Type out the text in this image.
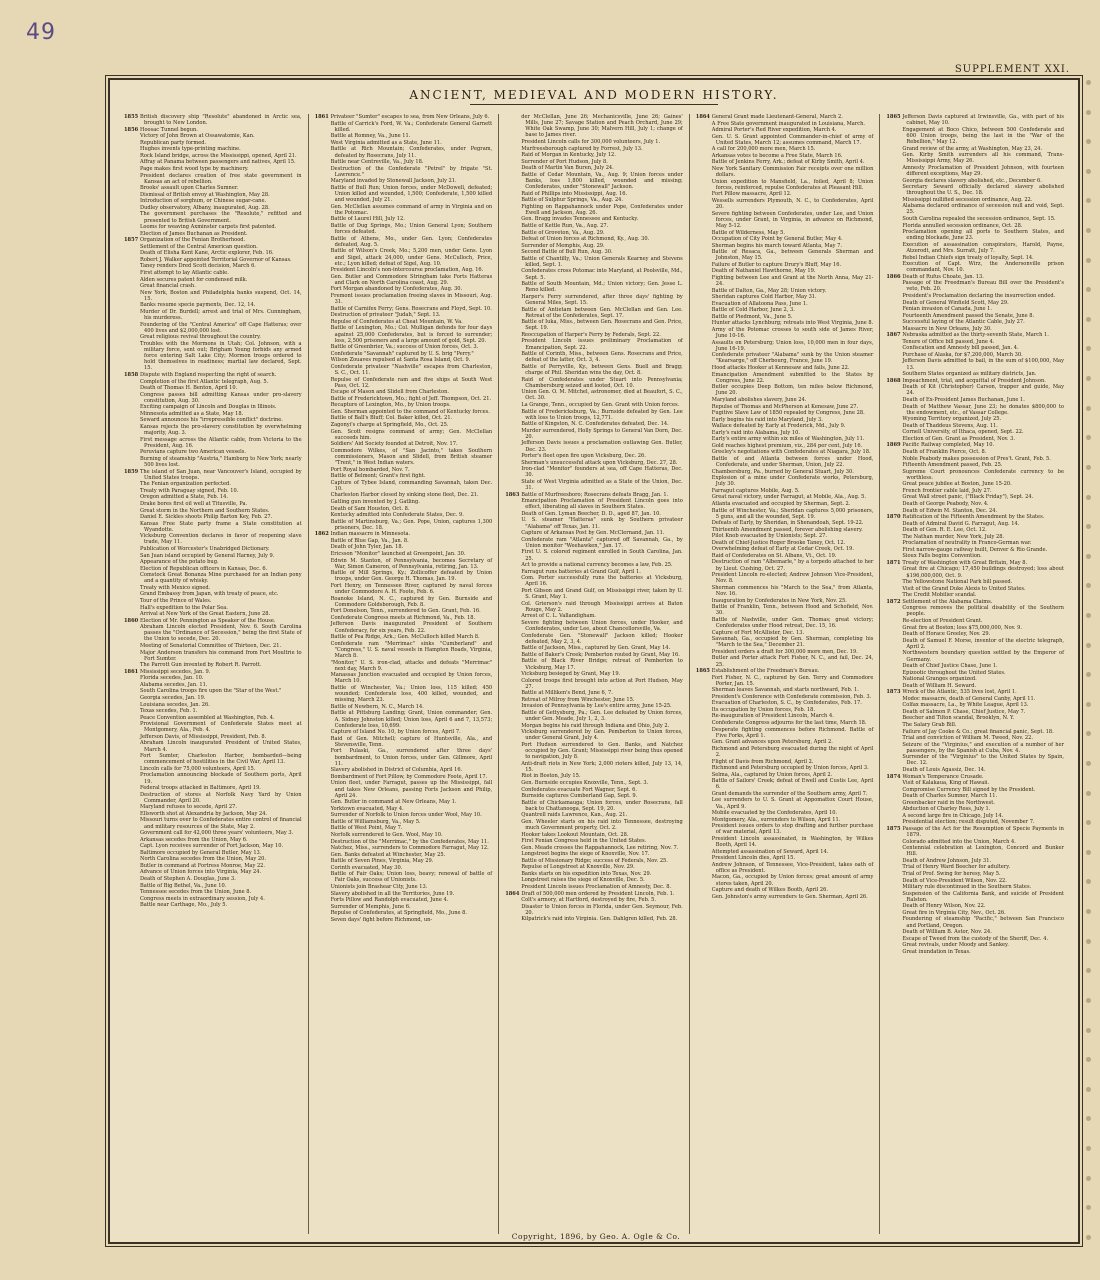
49
SUPPLEMENT XXI.
ANCIENT, MEDIEVAL AND MODERN HISTORY.
1855 British discovery ship "Resolute" abandoned in Arctic sea, brought to New London.
1856 Hoosac Tunnel begun.
Victory of John Brown at Ossawatomie, Kan.
Republican party formed.
Hughes invents type-printing machine.
Rock Island bridge, across the Mississippi, opened, April 21.
Affray at Panama between passengers and natives, April 15.
Page makes first wood type by machinery.
President declares creation of free state government in Kansas an act of rebellion.
Brooks' assault upon Charles Sumner.
Dismissal of British envoy at Washington, May 28.
Introduction of sorghum, or Chinese sugar-cane.
Dudley observatory, Albany, inaugurated, Aug. 28.
The government purchases the "Resolute," refitted and presented to British Government.
Looms for weaving Axminster carpets first patented.
Election of James Buchanan as President.
1857 Organization of the Fenian Brotherhood.
Settlement of the Central American question.
Death of Elisha Kent Kane, Arctic explorer, Feb. 16.
Robert J. Walker appointed Territorial Governor of Kansas.
Taney renders Dred Scott decision, March 6.
First attempt to lay Atlantic cable.
Alden secures patent for condensed milk.
Great financial crash.
New York, Boston and Philadelphia banks suspend, Oct. 14, 15.
Banks resume specie payments, Dec. 12, 14.
Murder of Dr. Burdell; arrest and trial of Mrs. Cunningham, his murderess.
Foundering of the "Central America" off Cape Hatteras; over 400 lives and $2,000,000 lost.
Great religious revival throughout the country.
Troubles with the Mormons in Utah; Col. Johnson, with a military force, sent out; Brigham Young forbids any armed force entering Salt Lake City; Mormon troops ordered to hold themselves in readiness; martial law declared, Sept. 15.
1858 Dispute with England respecting the right of search.
Completion of the first Atlantic telegraph, Aug. 5.
Death of Thomas H. Benton, April 10.
Congress passes bill admitting Kansas under pro-slavery constitution, Aug. 30.
Exciting campaign of Lincoln and Douglas in Illinois.
Minnesota admitted as a State, May 18.
Seward announces his "irrepressible conflict" doctrine.
Kansas rejects the pro-slavery constitution by overwhelming majority, Aug. 3.
First message across the Atlantic cable, from Victoria to the President, Aug. 16.
Peruvians capture two American vessels.
Burning of steamship "Austria," Hamburg to New York; nearly 500 lives lost.
1859 The island of San Juan, near Vancouver's Island, occupied by United States troops.
The Fenian organization perfected.
Treaty with Paraguay signed, Feb. 10.
Oregon admitted a State, Feb. 14.
Drake bores first oil well at Titusville, Pa.
Great storm in the Northern and Southern States.
Daniel E. Sickles shoots Philip Barton Key, Feb. 27.
Kansas Free State party frame a State constitution at Wyandotte.
Vicksburg Convention declares in favor of reopening slave trade, May 11.
Publication of Worcester's Unabridged Dictionary.
San Juan island occupied by General Harney, July 9.
Appearance of the potato bug.
Election of Republican officers in Kansas, Dec. 6.
Comstock Great Bonanza Mine purchased for an Indian pony and a quantity of whisky.
Treaty with Mexico signed.
Grand Embassy from Japan, with treaty of peace, etc.
Tour of the Prince of Wales.
Hall's expedition to the Polar Sea.
Arrival at New York of the Great Eastern, June 28.
1860 Election of Mr. Pennington as Speaker of the House.
Abraham Lincoln elected President, Nov. 6. South Carolina passes the "Ordinance of Secession," being the first State of the Union to secede, Dec. 20.
Meeting of Senatorial Committee of Thirteen, Dec. 21.
Major Anderson transfers his command from Fort Moultrie to Fort Sumter.
The Parrott Gun invented by Robert R. Parrott.
1861 Mississippi secedes, Jan. 9.
Florida secedes, Jan. 10.
Alabama secedes, Jan. 11.
South Carolina troops fire upon the "Star of the West."
Georgia secedes, Jan. 19.
Louisiana secedes, Jan. 26.
Texas secedes, Feb. 1.
Peace Convention assembled at Washington, Feb. 4.
Provisional Government of Confederate States meet at Montgomery, Ala., Feb. 4.
Jefferson Davis, of Mississippi, President, Feb. 8.
Abraham Lincoln inaugurated President of United States, March 4.
Fort Sumter, Charleston Harbor, bombarded—being commencement of hostilities in the Civil War, April 13.
Lincoln calls for 75,000 volunteers, April 15.
Proclamation announcing blockade of Southern ports, April 19.
Federal troops attacked in Baltimore, April 19.
Destruction of stores at Norfolk Navy Yard by Union Commander, April 20.
Maryland refuses to secede, April 27.
Ellsworth shot at Alexandria by Jackson, May 24.
Missouri turns over to Confederates entire control of financial and military resources of the State, May 2.
Government call for 42,000 three years' volunteers, May 3.
Arkansas secedes from the Union, May 6.
Capt. Lyon receives surrender of Fort Jackson, May 10.
Baltimore occupied by General Butler, May 13.
North Carolina secedes from the Union, May 20.
Butler in command at Fortress Monroe, May 22.
Advance of Union forces into Virginia, May 24.
Death of Stephen A. Douglas, June 3.
Battle of Big Bethel, Va., June 10.
Tennessee secedes from the Union, June 8.
Congress meets in extraordinary session, July 4.
Battle near Carthage, Mo., July 5.
1861 Privateer "Sumter" escapes to sea, from New Orleans, July 6.
Battle of Carrick's Ford, W. Va.; Confederate General Garnett killed.
Battle at Romney, Va., June 11.
West Virginia admitted as a State, June 11.
Battle at Rich Mountain; Confederates, under Pegram, defeated by Rosecrans, July 11.
Battle near Centreville, Va., July 18.
Destruction of the Confederate "Petrel" by frigate "St. Lawrence."
Maryland invaded by Stonewall Jackson, July 21.
Battle of Bull Run; Union forces, under McDowell, defeated; Union killed and wounded, 1,500; Confederate, 1,500 killed and wounded, July 21.
Gen. McClellan assumes command of army in Virginia and on the Potomac.
Battle of Laurel Hill, July 12.
Battle of Dug Springs, Mo.; Union General Lyon; Southern forces defeated.
Battle of Athens, Mo., under Gen. Lyon; Confederates defeated, Aug. 5.
Battle of Wilson's Creek, Mo.; 5,200 men, under Gens. Lyon and Sigel, attack 24,000, under Gens. McCulloch, Price, etc.; Lyon killed; defeat of Sigel, Aug. 10.
President Lincoln's non-intercourse proclamation, Aug. 16.
Gen. Butler and Commodore Stringham take Forts Hatteras and Clark on North Carolina coast, Aug. 29.
Fort Morgan abandoned by Confederates, Aug. 30.
Fremont issues proclamation freeing slaves in Missouri, Aug. 31.
Battle of Carnifex Ferry; Gens. Rosecrans and Floyd, Sept. 10.
Destruction of privateer "Judah," Sept. 13.
Repulse of Confederates at Cheat Mountain, W. Va.
Battle of Lexington, Mo.; Col. Mulligan defends for four days against 25,000 Confederates, but is forced to surrender; loss, 2,500 prisoners and a large amount of gold, Sept. 20.
Battle of Greenbrier, Va.; success of Union forces, Oct. 3.
Confederate "Savannah" captured by U. S. brig "Perry."
Wilson Zouaves repulsed at Santa Rosa Island, Oct. 9.
Confederate privateer "Nashville" escapes from Charleston, S. C., Oct. 11.
Repulse of Confederate ram and five ships at South West Pass, Oct. 12.
Escape of Mason and Slidell from Charleston.
Battle of Fredericktown, Mo.; fight of Jeff. Thompson, Oct. 21.
Recapture of Lexington, Mo., by Union troops.
Gen. Sherman appointed to the command of Kentucky forces.
Battle of Ball's Bluff; Col. Baker killed, Oct. 21.
Zagonyi's charge at Springfield, Mo., Oct. 25.
Gen. Scott resigns command of army; Gen. McClellan succeeds him.
Soldiers' Aid Society founded at Detroit, Nov. 17.
Commodore Wilkes, of "San Jacinto," takes Southern commissioners, Mason and Slidell, from British steamer "Trent," in West Indian waters.
Port Royal bombarded, Nov. 7.
Battle of Belmont; Grant's first fight.
Capture of Tybee Island, commanding Savannah, taken Dec. 10.
Charleston Harbor closed by sinking stone fleet, Dec. 21.
Gatling gun invented by J. Gatling.
Death of Sam Houston, Oct. 8.
Kentucky admitted into Confederate States, Dec. 9.
Battle of Martinsburg, Va.; Gen. Pope, Union, captures 1,300 prisoners, Dec. 18.
1862 Indian massacre in Minnesota.
Battle of Blue Gap, Va., Jan. 8.
Death of John Tyler, Jan. 18.
Ericsson "Monitor" launched at Greenpoint, Jan. 30.
Edwin M. Stanton, of Pennsylvania, becomes Secretary of War, Simon Cameron, of Pennsylvania, retiring, Jan. 13.
Battle of Mill Springs, Ky.; Zollicoffer defeated by Union troops, under Gen. George H. Thomas, Jan. 19.
Fort Henry, on Tennessee River, captured by naval forces under Commodore A. H. Foote, Feb. 6.
Roanoke Island, N. C., captured by Gen. Burnside and Commodore Goldsborough, Feb. 8.
Fort Donelson, Tenn., surrendered to Gen. Grant, Feb. 16.
Confederate Congress meets at Richmond, Va., Feb. 18.
Jefferson Davis inaugurated President of Southern Confederacy, for six years, Feb. 22.
Battle of Pea Ridge, Ark.; Gen. McCulloch killed March 8.
Confederate ram "Merrimac" sinks "Cumberland" and "Congress," U. S. naval vessels in Hampton Roads, Virginia, March 8.
"Monitor," U. S. iron-clad, attacks and defeats "Merrimac" next day, March 9.
Manassas Junction evacuated and occupied by Union forces, March 10.
Battle of Winchester, Va.; Union loss, 115 killed; 450 wounded; Confederate loss, 400 killed, wounded, and missing, March 23.
Battle of Newbern, N. C., March 14.
Battle at Pittsburg Landing; Grant, Union commander; Gen. A. Sidney Johnston killed; Union loss, April 6 and 7, 13,573; Confederate loss, 10,699.
Capture of Island No. 10, by Union forces, April 7.
Raid of Gen. Mitchell; capture of Huntsville, Ala., and Stevensville, Tenn.
Fort Pulaski, Ga., surrendered after three days' bombardment, to Union forces, under Gen. Gillmore, April 11.
Slavery abolished in District of Columbia, April 16.
Bombardment of Fort Pillow, by Commodore Foote, April 17.
Union fleet, under Farragut, passes up the Mississippi, fall and takes New Orleans, passing Forts Jackson and Philip, April 24.
Gen. Butler in command at New Orleans, May 1.
Yorktown evacuated, May 4.
Surrender of Norfolk to Union forces under Wool, May 10.
Battle of Williamsburg, Va., May 5.
Battle of West Point, May 7.
Norfolk surrendered to Gen. Wool, May 10.
Destruction of the "Merrimac," by the Confederates, May 11.
Natchez, Miss., surrenders to Commodore Farragut, May 12.
Gen. Banks defeated at Winchester, May 25.
Battle of Seven Pines, Virginia, May 29.
Corinth evacuated, May 30.
Battle of Fair Oaks; Union loss, heavy; renewal of battle of Fair Oaks, success of Unionists.
Unionists join Brashear City, June 13.
Slavery abolished in all the Territories, June 19.
Forts Pillow and Randolph evacuated, June 4.
Surrender of Memphis, June 6.
Repulse of Confederates, at Springfield, Mo., June 8.
Seven days' fight before Richmond, un-
der McClellan, June 26; Mechanicsville, June 26; Gaines' Mills, June 27; Savage Station and Peach Orchard, June 29; White Oak Swamp, June 30; Malvern Hill, July 1; change of base to James river.
President Lincoln calls for 300,000 volunteers, July 1.
Murfreesborough captured by Forrest, July 13.
Raid of Morgan in Kentucky, July 12.
Surrender of Port Hudson, July 8.
Death of Martin Van Buren, July 24.
Battle of Cedar Mountain, Va., Aug. 9; Union forces under Banks, loss 1,800 killed, wounded and missing; Confederates, under "Stonewall" Jackson.
Raid of Phillips into Mississippi, Aug. 16.
Battle of Sulphur Springs, Va., Aug. 24.
Fighting on Rappahannock under Pope, Confederates under Ewell and Jackson, Aug. 26.
Gen. Bragg invades Tennessee and Kentucky.
Battle of Kettle Run, Va., Aug. 27.
Battle of Groveton, Va., Aug. 29.
Defeat of Union forces at Richmond, Ky., Aug. 30.
Surrender of Memphis, Aug. 29.
Second Battle of Bull Run, Aug. 30.
Battle of Chantilly, Va.; Union Generals Kearney and Stevens killed, Sept. 1.
Confederates cross Potomac into Maryland, at Poolsville, Md., Sept. 5.
Battle of South Mountain, Md.; Union victory; Gen. Jesse L. Reno killed.
Harper's Ferry surrendered, after three days' fighting by General Miles, Sept. 15.
Battle of Antietam between Gen. McClellan and Gen. Lee. Retreat of the Confederates, Sept. 17.
Battle of Iuka, Miss., between Gen. Rosecrans and Gen. Price, Sept. 19.
Reoccupation of Harper's Ferry by Federals, Sept. 22.
President Lincoln issues preliminary Proclamation of Emancipation, Sept. 22.
Battle of Corinth, Miss., between Gens. Rosecrans and Price, defeat of the latter, Oct. 3, 4.
Battle of Perryville, Ky., between Gens. Buell and Bragg; charge of Phil. Sheridan wins the day, Oct. 8.
Raid of Confederates under Stuart into Pennsylvania; Chambersburg seized and looted, Oct. 10.
Union Gen. O. M. Mitchel, astronomer, died at Beaufort, S. C., Oct. 30.
La Grange, Tenn., occupied by Gen. Grant with Union forces.
Battle of Fredericksburg, Va.; Burnside defeated by Gen. Lee with loss to Union troops, 12,771.
Battle of Kingston, N. C. Confederates defeated, Dec. 14.
Murder surrendered, Holly Springs to General Van Dorn, Dec. 20.
Jefferson Davis issues a proclamation outlawing Gen. Butler, Dec. 23.
Porter's fleet open fire upon Vicksburg, Dec. 26.
Sherman's unsuccessful attack upon Vicksburg, Dec. 27, 28.
Iron-clad "Monitor" founders at sea, off Cape Hatteras, Dec. 30.
State of West Virginia admitted as a State of the Union, Dec. 31.
1863 Battle of Murfreesboro; Rosecrans defeats Bragg, Jan. 1.
Emancipation Proclamation of President Lincoln goes into effect, liberating all slaves in Southern States.
Death of Gen. Lyman Beecher, D. D., aged 87, Jan. 10.
U. S. steamer "Hatteras" sunk by Southern privateer "Alabama" off Texas, Jan. 11.
Capture of Arkansas Post by Gen. McClernand, Jan. 11.
Confederate ram "Atlanta" captured off Savannah, Ga., by Union monitor "Weehawken," Jan. 17.
First U. S. colored regiment enrolled in South Carolina, Jan. 25.
Act to provide a national currency becomes a law, Feb. 25.
Farragut runs batteries at Grand Gulf, April 1.
Com. Porter successfully runs the batteries at Vicksburg, April 16.
Port Gibson and Grand Gulf, on Mississippi river, taken by U. S. Grant, May 1.
Col. Grierson's raid through Mississippi arrives at Baton Rouge, May 2.
Arrest of C. L. Vallandigham.
Severe fighting between Union forces, under Hooker, and Confederates, under Lee, about Chancellorsville, Va.
Confederate Gen. "Stonewall" Jackson killed; Hooker defeated, May 2, 3, 4.
Battle of Jackson, Miss., captured by Gen. Grant, May 14.
Battle of Baker's Creek; Pemberton routed by Grant, May 16.
Battle of Black River Bridge; retreat of Pemberton to Vicksburg, May 17.
Vicksburg besieged by Grant, May 19.
Colored troops first brought into action at Port Hudson, May 27.
Battle at Milliken's Bend, June 6, 7.
Retreat of Milroy from Winchester, June 15.
Invasion of Pennsylvania by Lee's entire army, June 15-25.
Battle of Gettysburg, Pa.; Gen. Lee defeated by Union forces, under Gen. Meade, July 1, 2, 3.
Morgan begins his raid through Indiana and Ohio, July 2.
Vicksburg surrendered by Gen. Pemberton to Union forces, under General Grant, July 4.
Port Hudson surrendered to Gen. Banks, and Natchez occupied by Gen. Grant; Mississippi river being thus opened to navigation, July 8.
Anti-draft riots in New York; 2,000 rioters killed, July 13, 14, 15.
Riot in Boston, July 15.
Gen. Burnside occupies Knoxville, Tenn., Sept. 3.
Confederates evacuate Fort Wagner, Sept. 6.
Burnside captures Cumberland Gap, Sept. 9.
Battle of Chickamauga; Union forces, under Rosecrans, fall back to Chattanooga, Sept. 19, 20.
Quantrell raids Lawrence, Kan., Aug. 21.
Gen. Wheeler starts on his raid into Tennessee, destroying much Government property, Oct. 2.
Hooker takes Lookout Mountain, Oct. 28.
First Fenian Congress held in the United States.
Gen. Meade crosses the Rappahannock, Lee retiring, Nov. 7.
Longstreet begins the siege of Knoxville, Nov. 17.
Battle of Missionary Ridge; success of Federals, Nov. 25.
Repulse of Longstreet at Knoxville, Nov. 29.
Banks starts on his expedition into Texas, Nov. 29.
Longstreet raises the siege of Knoxville, Dec. 5.
President Lincoln issues Proclamation of Amnesty, Dec. 8.
1864 Draft of 500,000 men ordered by President Lincoln, Feb. 1.
Colt's armory, at Hartford, destroyed by fire, Feb. 5.
Disaster to Union forces in Florida, under Gen. Seymour, Feb. 20.
Kilpatrick's raid into Virginia. Gen. Dahlgren killed, Feb. 28.
1864 General Grant made Lieutenant-General, March 2.
A Free State government inaugurated in Louisiana, March.
Admiral Porter's Red River expedition, March 4.
Gen. U. S. Grant appointed Commander-in-chief of army of United States, March 12; assumes command, March 17.
A call for 200,000 more men, March 15.
Arkansas votes to become a Free State, March 16.
Battle of Jenkins Ferry, Ark.; defeat of Kirby Smith, April 4.
New York Sanitary Commission Fair receipts over one million dollars.
Union expedition to Mansfield, La., foiled, April 8; Union forces, reinforced, repulse Confederates at Pleasant Hill.
Fort Pillow massacre, April 12.
Wessells surrenders Plymouth, N. C., to Confederates, April 20.
Severe fighting between Confederates, under Lee, and Union forces, under Grant, in Virginia, in advance on Richmond, May 5-12.
Battle of Wilderness, May 5.
Occupation of City Point by General Butler, May 4.
Sherman begins his march toward Atlanta, May 7.
Battle of Resaca, Ga., between Generals Sherman and Johnston, May 15.
Failure of Butler to capture Drury's Bluff, May 16.
Death of Nathaniel Hawthorne, May 19.
Fighting between Lee and Grant at the North Anna, May 21-24.
Battle of Dalton, Ga., May 28; Union victory.
Sheridan captures Cold Harbor, May 31.
Evacuation of Allatoona Pass, June 1.
Battle of Cold Harbor, June 2, 3.
Battle of Piedmont, Va., June 5.
Hunter attacks Lynchburg; retreats into West Virginia, June 8.
Army of the Potomac crosses to south side of James River, June 10-16.
Assaults on Petersburg; Union loss, 10,000 men in four days, June 16-19.
Confederate privateer "Alabama" sunk by the Union steamer "Kearsarge," off Cherbourg, France, June 19.
Hood attacks Hooker at Kennesaw and fails, June 22.
Emancipation Amendment submitted to the States by Congress, June 22.
Butler occupies Deep Bottom, ten miles below Richmond, June 20.
Maryland abolishes slavery, June 24.
Repulse of Thomas and McPherson at Kenesaw, June 27.
Fugitive Slave Law of 1850 repealed by Congress, June 28.
Early begins his raid into Maryland, July 3.
Wallace defeated by Early at Frederick, Md., July 9.
Early's raid into Alabama, July 10.
Early's entire army within six miles of Washington, July 11.
Gold reaches highest premium, viz., 284 per cent, July 16.
Greeley's negotiations with Confederates at Niagara, July 18.
Battle of and Atlanta between forces under Hood, Confederate, and under Sherman, Union, July 22.
Chambersburg, Pa., burned by General Stuart, July 30.
Explosion of a mine under Confederate works, Petersburg, July 30.
Farragut captures Mobile, Aug. 5.
Great naval victory, under Farragut, at Mobile, Ala., Aug. 5.
Atlanta evacuated and occupied by Sherman, Sept. 2.
Battle of Winchester, Va.; Sheridan captures 5,000 prisoners, 5 guns, and all the wounded, Sept. 19.
Defeats of Early, by Sheridan, in Shenandoah, Sept. 19-22.
Thirteenth Amendment passed, forever abolishing slavery.
Pilot Knob evacuated by Unionists; Sept. 27.
Death of Chief-Justice Roger Brooke Taney, Oct. 12.
Overwhelming defeat of Early at Cedar Creek, Oct. 19.
Raid of Confederates on St. Albans, Vt., Oct. 19.
Destruction of ram "Albemarle," by a torpedo attached to her by Lieut. Cushing, Oct. 27.
President Lincoln re-elected; Andrew Johnson Vice-President, Nov. 8.
Sherman commences his "March to the Sea," from Atlanta, Nov. 16.
Inauguration by Confederates in New York, Nov. 25.
Battle of Franklin, Tenn., between Hood and Schofield, Nov. 30.
Battle of Nashville, under Gen. Thomas; great victory; Confederates under Hood retreat, Dec. 15, 16.
Capture of Fort McAllister, Dec. 13.
Savannah, Ga., occupied by Gen. Sherman, completing his "March to the Sea," December 21.
President orders a draft for 300,000 more men, Dec. 19.
Butler and Porter attack Fort Fisher, N. C., and fail, Dec. 24, 25.
1865 Establishment of the Freedman's Bureau.
Fort Fisher, N. C., captured by Gen. Terry and Commodore Porter, Jan. 15.
Sherman leaves Savannah, and starts northward, Feb. 1.
President's Conference with Confederate commission, Feb. 3.
Evacuation of Charleston, S. C., by Confederates, Feb. 17.
Its occupation by Union forces, Feb. 18.
Re-inauguration of President Lincoln, March 4.
Confederate Congress adjourns for the last time, March 18.
Desperate fighting commences before Richmond. Battle of Five Forks, April 1.
Gen. Grant advances upon Petersburg, April 2.
Richmond and Petersburg evacuated during the night of April 2.
Flight of Davis from Richmond, April 2.
Richmond and Petersburg occupied by Union forces, April 3.
Selma, Ala., captured by Union forces, April 2.
Battle of Sailors' Creek; defeat of Ewell and Custis Lee, April 6.
Grant demands the surrender of the Southern army, April 7.
Lee surrenders to U. S. Grant at Appomattox Court House, Va., April 9.
Mobile evacuated by the Confederates, April 10.
Montgomery, Ala., surrenders to Wilson, April 11.
President issues orders to stop drafting and further purchase of war material, April 13.
President Lincoln assassinated, in Washington, by Wilkes Booth, April 14.
Attempted assassination of Seward, April 14.
President Lincoln dies, April 15.
Andrew Johnson, of Tennessee, Vice-President, takes oath of office as President.
Macon, Ga., occupied by Union forces; great amount of army stores taken, April 20.
Capture and death of Wilkes Booth, April 26.
Gen. Johnston's army surrenders to Gen. Sherman, April 26.
1865 Jefferson Davis captured at Irwinsville, Ga., with part of his cabinet, May 10.
Engagement at Boco Chico, between 500 Confederate and 600 Union troops, being the last in the "War of the Rebellion," May 12.
Grand review of the army, at Washington, May 23, 24.
Gen. Kirby Smith surrenders all his command, Trans-Mississippi Army, May 26.
Amnesty Proclamation of President Johnson, with fourteen different exceptions, May 29.
Georgia declares slavery abolished, etc., December 6.
Secretary Seward officially declared slavery abolished throughout the U. S., Dec. 18.
Mississippi nullified secession ordinance, Aug. 22.
Alabama declared ordinance of secession null and void, Sept. 25.
South Carolina repealed the secession ordinance, Sept. 15.
Florida annulled secession ordinance, Oct. 28.
Proclamation opening all ports to Southern States, and ending blockade, June 23.
Execution of assassination conspirators, Harold, Payne, Atzerodt, and Mrs. Surratt, July 7.
Rebel Indian Chiefs sign treaty of loyalty, Sept. 14.
Execution of Capt. Wirz, the Andersonville prison commandant, Nov. 10.
1866 Death of Rufus Choate, Jan. 13.
Passage of the Freedman's Bureau Bill over the President's veto, Feb. 20.
President's Proclamation declaring the insurrection ended.
Death of General Winfield Scott, May 29.
Fenian invasion of Canada, June 1.
Fourteenth Amendment passed the Senate, June 8.
Successful laying of the Atlantic Cable, July 27.
Massacre in New Orleans, July 30.
1867 Nebraska admitted as the thirty-seventh State, March 1.
Tenure of Office bill passed, June 4.
Confiscation and Amnesty bill passed, Jan. 4.
Purchase of Alaska, for $7,200,000, March 30.
Jefferson Davis admitted to bail, in the sum of $100,000, May 13.
Southern States organized as military districts, Jan.
1868 Impeachment, trial, and acquittal of President Johnson.
Death of Kit (Christopher) Carson, trapper and guide, May 24.
Death of Ex-President James Buchanan, June 1.
Death of Matthew Vassar, June 23; he donates $800,000 to the endowment, etc., of Vassar College.
Wyoming Territory organized, July 25.
Death of Thaddeus Stevens, Aug. 11.
Cornell University, of Ithaca, opened, Sept. 22.
Election of Gen. Grant as President, Nov. 3.
1869 Pacific Railway completed, May 10.
Death of Franklin Pierce, Oct. 8.
Noble Peabody makes possession of Pres't. Grant, Feb. 5.
Fifteenth Amendment passed, Feb. 25.
Supreme Court pronounces Confederate currency to be worthless.
Great peace jubilee at Boston, June 15-20.
French frontier cable laid, July 27.
Great Wall street panic, ("Black Friday"), Sept. 24.
Death of George Peabody, Nov. 4.
Death of Edwin M. Stanton, Dec. 24.
1870 Ratification of the Fifteenth Amendment by the States.
Death of Admiral David G. Farragut, Aug. 14.
Death of Gen. R. E. Lee, Oct. 12.
The Nathan murder, New York, July 28.
Proclamation of neutrality in Franco-German war.
First narrow-gauge railway built, Denver & Rio Grande.
Sioux Falls begins Convention.
1871 Treaty of Washington with Great Britain, May 8.
Great fire at Chicago; 17,450 buildings destroyed; loss about $196,000,000, Oct. 9.
The Yellowstone National Park bill passed.
Visit of the Grand Duke Alexis to United States.
The Credit Mobilier scandal.
1872 Settlement of the Alabama Claims.
Congress removes the political disability of the Southern people.
Re-election of President Grant.
Great fire at Boston; loss $75,000,000, Nov. 9.
Death of Horace Greeley, Nov. 29.
Death of Samuel F. Morse, inventor of the electric telegraph, April 2.
Northwestern boundary question settled by the Emperor of Germany.
Death of Chief Justice Chase, June 1.
Epizootic throughout the United States.
National Granges organized.
Death of William H. Seward.
1873 Wreck of the Atlantic, 535 lives lost, April 1.
Modoc massacre, death of General Canby, April 11.
Colfax massacre, La., by White League, April 13.
Death of Salmon P. Chase, Chief Justice, May 7.
Beecher and Tilton scandal, Brooklyn, N. Y.
The Salary Grab Bill.
Failure of Jay Cooke & Co.; great financial panic, Sept. 18.
Trial and conviction of William M. Tweed, Nov. 22.
Seizure of the "Virginius," and execution of a number of her passengers, by the Spanish at Cuba, Nov. 4.
Surrender of the "Virginius" to the United States by Spain, Dec. 12.
Death of Louis Agassiz, Dec. 14.
1874 Woman's Temperance Crusade.
Visit of Kalakaua, King of Hawaii.
Compromise Currency Bill signed by the President.
Death of Charles Sumner, March 11.
Greenbacker raid in the Northwest.
Abduction of Charley Ross, July 1.
A second large fire in Chicago, July 14.
Presidential election; result disputed, November 7.
1875 Passage of the Act for the Resumption of Specie Payments in 1879.
Colorado admitted into the Union, March 4.
Centennial celebration at Lexington, Concord and Bunker Hill.
Death of Andrew Johnson, July 31.
Trial of Henry Ward Beecher for adultery.
Trial of Prof. Swing for heresy, May 5.
Death of Vice-President Wilson, Nov. 22.
Military rule discontinued in the Southern States.
Suspension of the California Bank, and suicide of President Ralston.
Death of Henry Wilson, Nov. 22.
Great fire in Virginia City, Nev., Oct. 26.
Foundering of steamship "Pacific," between San Francisco and Portland, Oregon.
Death of William B. Astor, Nov. 24.
Escape of Tweed from the custody of the Sheriff, Dec. 4.
Great revivals, under Moody and Sankey.
Great inundation in Texas.
Copyright, 1896, by Geo. A. Ogle & Co.
